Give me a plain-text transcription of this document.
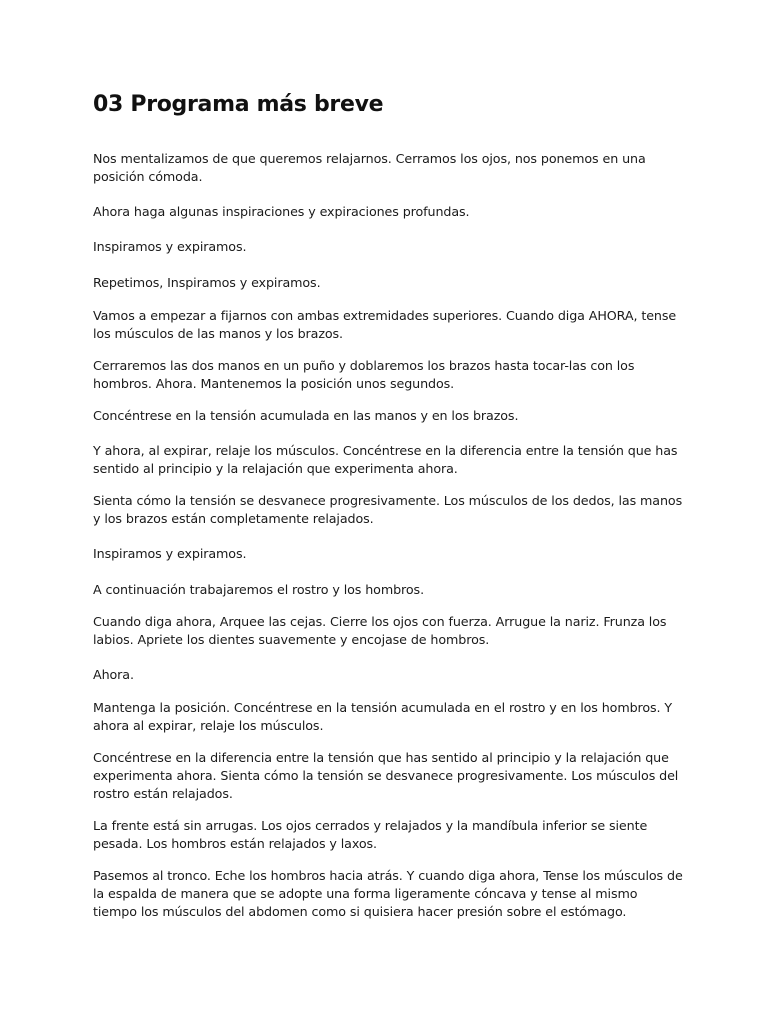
03 Programa más breve

Nos mentalizamos de que queremos relajarnos. Cerramos los ojos, nos ponemos en una posición cómoda.

Ahora haga algunas inspiraciones y expiraciones profundas.

Inspiramos y expiramos.

Repetimos, Inspiramos y expiramos.

Vamos a empezar a fijarnos con ambas extremidades superiores. Cuando diga AHORA, tense los músculos de las manos y los brazos.

Cerraremos las dos manos en un puño y doblaremos los brazos hasta tocar-las con los hombros. Ahora. Mantenemos la posición unos segundos.

Concéntrese en la tensión acumulada en las manos y en los brazos.

Y ahora, al expirar, relaje los músculos. Concéntrese en la diferencia entre la tensión que has sentido al principio y la relajación que experimenta ahora.

Sienta cómo la tensión se desvanece progresivamente. Los músculos de los dedos, las manos y los brazos están completamente relajados.

Inspiramos y expiramos.

A continuación trabajaremos el rostro y los hombros.

Cuando diga ahora, Arquee las cejas. Cierre los ojos con fuerza. Arrugue la nariz. Frunza los labios. Apriete los dientes suavemente y encojase de hombros.

Ahora.

Mantenga la posición. Concéntrese en la tensión acumulada en el rostro y en los hombros. Y ahora al expirar, relaje los músculos.

Concéntrese en la diferencia entre la tensión que has sentido al principio y la relajación que experimenta ahora. Sienta cómo la tensión se desvanece progresivamente. Los músculos del rostro están relajados.

La frente está sin arrugas. Los ojos cerrados y relajados y la mandíbula inferior se siente pesada. Los hombros están relajados y laxos.

Pasemos al tronco. Eche los hombros hacia atrás. Y cuando diga ahora, Tense los músculos de la espalda de manera que se adopte una forma ligeramente cóncava y tense al mismo tiempo los músculos del abdomen como si quisiera hacer presión sobre el estómago.
